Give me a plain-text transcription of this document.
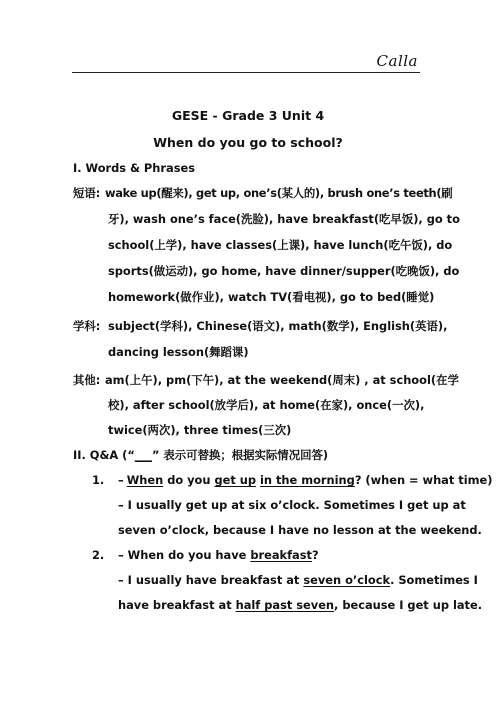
Calla
GESE - Grade 3 Unit 4
When do you go to school?
I. Words & Phrases
短语: wake up(醒来), get up, one’s(某人的), brush one’s teeth(刷
牙), wash one’s face(洗脸), have breakfast(吃早饭), go to
school(上学), have classes(上课), have lunch(吃午饭), do
sports(做运动), go home, have dinner/supper(吃晚饭), do
homework(做作业), watch TV(看电视), go to bed(睡觉)
学科: subject(学科), Chinese(语文), math(数学), English(英语),
dancing lesson(舞蹈课)
其他: am(上午), pm(下午), at the weekend(周末) , at school(在学
校), after school(放学后), at home(在家), once(一次),
twice(两次), three times(三次)
II. Q&A (“___” 表示可替换；根据实际情况回答)
1. – When do you get up in the morning? (when = what time)
– I usually get up at six o’clock. Sometimes I get up at
seven o’clock, because I have no lesson at the weekend.
2. – When do you have breakfast?
– I usually have breakfast at seven o’clock. Sometimes I
have breakfast at half past seven, because I get up late.
